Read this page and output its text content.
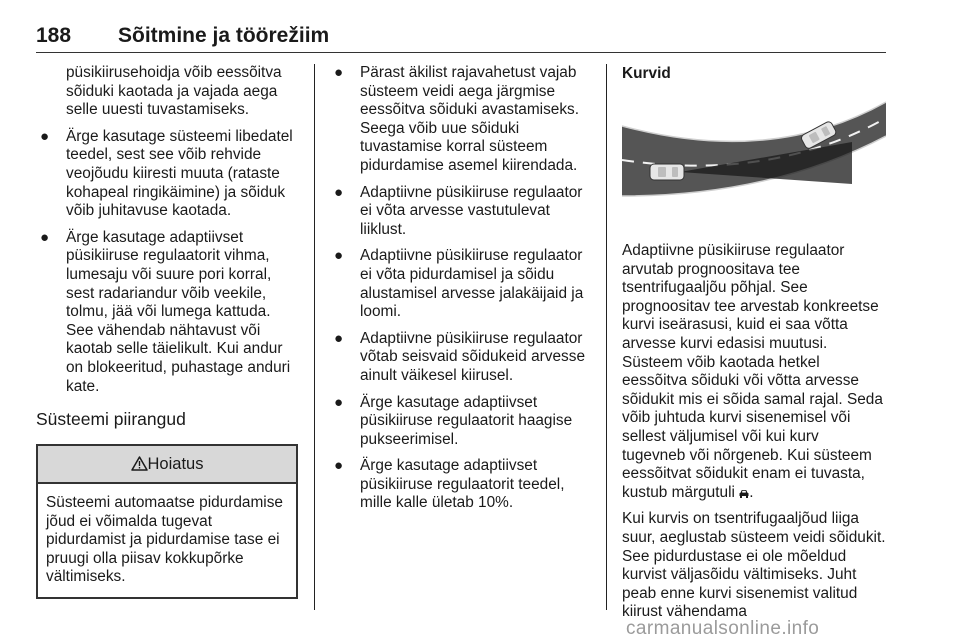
188 Sõitmine ja töörežiim

püsikiirusehoidja võib eessõitva sõiduki kaotada ja vajada aega selle uuesti tuvastamiseks.

● Ärge kasutage süsteemi libedatel teedel, sest see võib rehvide veojõudu kiiresti muuta (rataste kohapeal ringikäimine) ja sõiduk võib juhitavuse kaotada.
● Ärge kasutage adaptiivset püsikiiruse regulaatorit vihma, lumesaju või suure pori korral, sest radariandur võib veekile, tolmu, jää või lumega kattuda. See vähendab nähtavust või kaotab selle täielikult. Kui andur on blokeeritud, puhastage anduri kate.
Süsteemi piirangud
Hoiatus
Süsteemi automaatse pidurdamise jõud ei võimalda tugevat pidurdamist ja pidurdamise tase ei pruugi olla piisav kokkupõrke vältimiseks.
● Pärast äkilist rajavahetust vajab süsteem veidi aega järgmise eessõitva sõiduki avastamiseks. Seega võib uue sõiduki tuvastamise korral süsteem pidurdamise asemel kiirendada.
● Adaptiivne püsikiiruse regulaator ei võta arvesse vastutulevat liiklust.
● Adaptiivne püsikiiruse regulaator ei võta pidurdamisel ja sõidu alustamisel arvesse jalakäijaid ja loomi.
● Adaptiivne püsikiiruse regulaator võtab seisvaid sõidukeid arvesse ainult väikesel kiirusel.
● Ärge kasutage adaptiivset püsikiiruse regulaatorit haagise pukseerimisel.
● Ärge kasutage adaptiivset püsikiiruse regulaatorit teedel, mille kalle ületab 10%.
Kurvid

Adaptiivne püsikiiruse regulaator arvutab prognoositava tee tsentrifugaaljõu põhjal. See prognoositav tee arvestab konkreetse kurvi iseärasusi, kuid ei saa võtta arvesse kurvi edasisi muutusi. Süsteem võib kaotada hetkel eessõitva sõiduki või võtta arvesse sõidukit mis ei sõida samal rajal. Seda võib juhtuda kurvi sisenemisel või sellest väljumisel või kui kurv tugevneb või nõrgeneb. Kui süsteem eessõitvat sõidukit enam ei tuvasta, kustub märgutuli .

Kui kurvis on tsentrifugaaljõud liiga suur, aeglustab süsteem veidi sõidukit. See pidurdustase ei ole mõeldud kurvist väljasõidu vältimiseks. Juht peab enne kurvi sisenemist valitud kiirust vähendama

carmanualsonline.info
